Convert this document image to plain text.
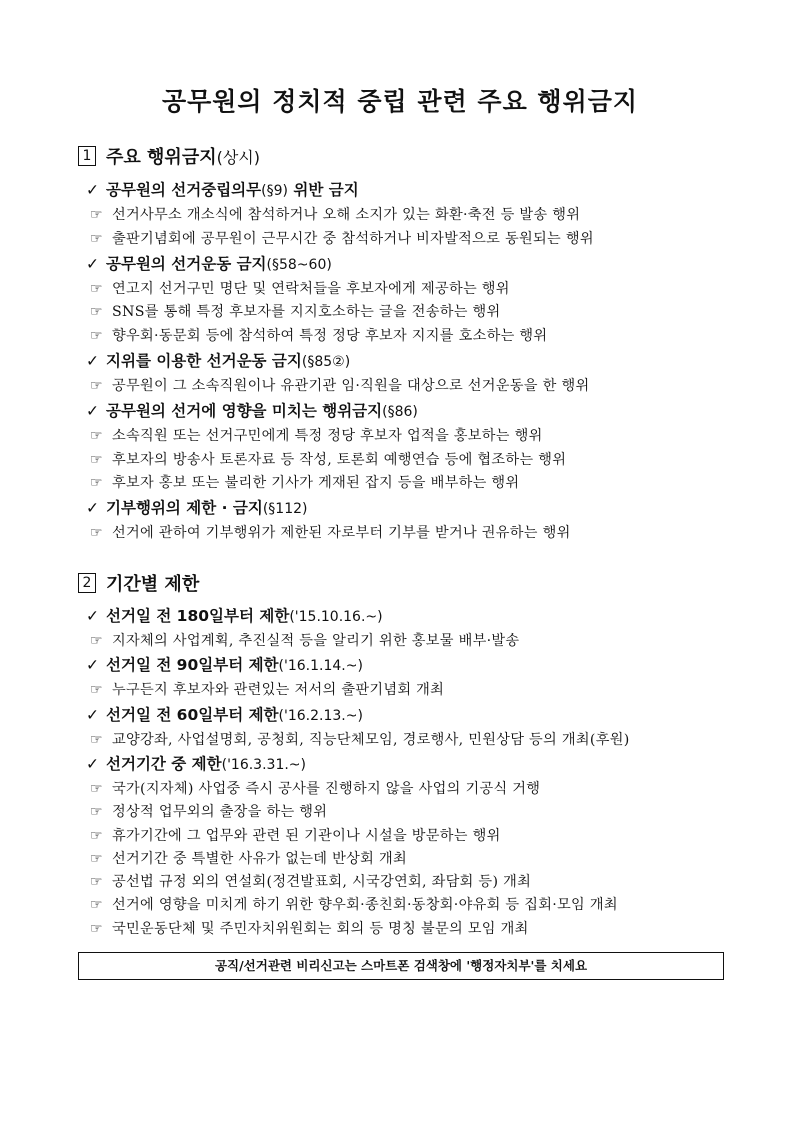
공무원의 정치적 중립 관련 주요 행위금지
1 주요 행위금지 (상시)
✓ 공무원의 선거중립의무(§9) 위반 금지
☞ 선거사무소 개소식에 참석하거나 오해 소지가 있는 화환·축전 등 발송 행위
☞ 출판기념회에 공무원이 근무시간 중 참석하거나 비자발적으로 동원되는 행위
✓ 공무원의 선거운동 금지(§58~60)
☞ 연고지 선거구민 명단 및 연락처들을 후보자에게 제공하는 행위
☞ SNS를 통해 특정 후보자를 지지호소하는 글을 전송하는 행위
☞ 향우회·동문회 등에 참석하여 특정 정당 후보자 지지를 호소하는 행위
✓ 지위를 이용한 선거운동 금지(§85②)
☞ 공무원이 그 소속직원이나 유관기관 임·직원을 대상으로 선거운동을 한 행위
✓ 공무원의 선거에 영향을 미치는 행위금지(§86)
☞ 소속직원 또는 선거구민에게 특정 정당 후보자 업적을 홍보하는 행위
☞ 후보자의 방송사 토론자료 등 작성, 토론회 예행연습 등에 협조하는 행위
☞ 후보자 홍보 또는 불리한 기사가 게재된 잡지 등을 배부하는 행위
✓ 기부행위의 제한 · 금지(§112)
☞ 선거에 관하여 기부행위가 제한된 자로부터 기부를 받거나 권유하는 행위
2 기간별 제한
✓ 선거일 전 180일부터 제한('15.10.16.~)
☞ 지자체의 사업계획, 추진실적 등을 알리기 위한 홍보물 배부·발송
✓ 선거일 전 90일부터 제한('16.1.14.~)
☞ 누구든지 후보자와 관련있는 저서의 출판기념회 개최
✓ 선거일 전 60일부터 제한('16.2.13.~)
☞ 교양강좌, 사업설명회, 공청회, 직능단체모임, 경로행사, 민원상담 등의 개최(후원)
✓ 선거기간 중 제한('16.3.31.~)
☞ 국가(지자체) 사업중 즉시 공사를 진행하지 않을 사업의 기공식 거행
☞ 정상적 업무외의 출장을 하는 행위
☞ 휴가기간에 그 업무와 관련 된 기관이나 시설을 방문하는 행위
☞ 선거기간 중 특별한 사유가 없는데 반상회 개최
☞ 공선법 규정 외의 연설회(정견발표회, 시국강연회, 좌담회 등) 개최
☞ 선거에 영향을 미치게 하기 위한 향우회·종친회·동창회·야유회 등 집회·모임 개최
☞ 국민운동단체 및 주민자치위원회는 회의 등 명칭 불문의 모임 개최
공직/선거관련 비리신고는 스마트폰 검색창에 '행정자치부'를 치세요
